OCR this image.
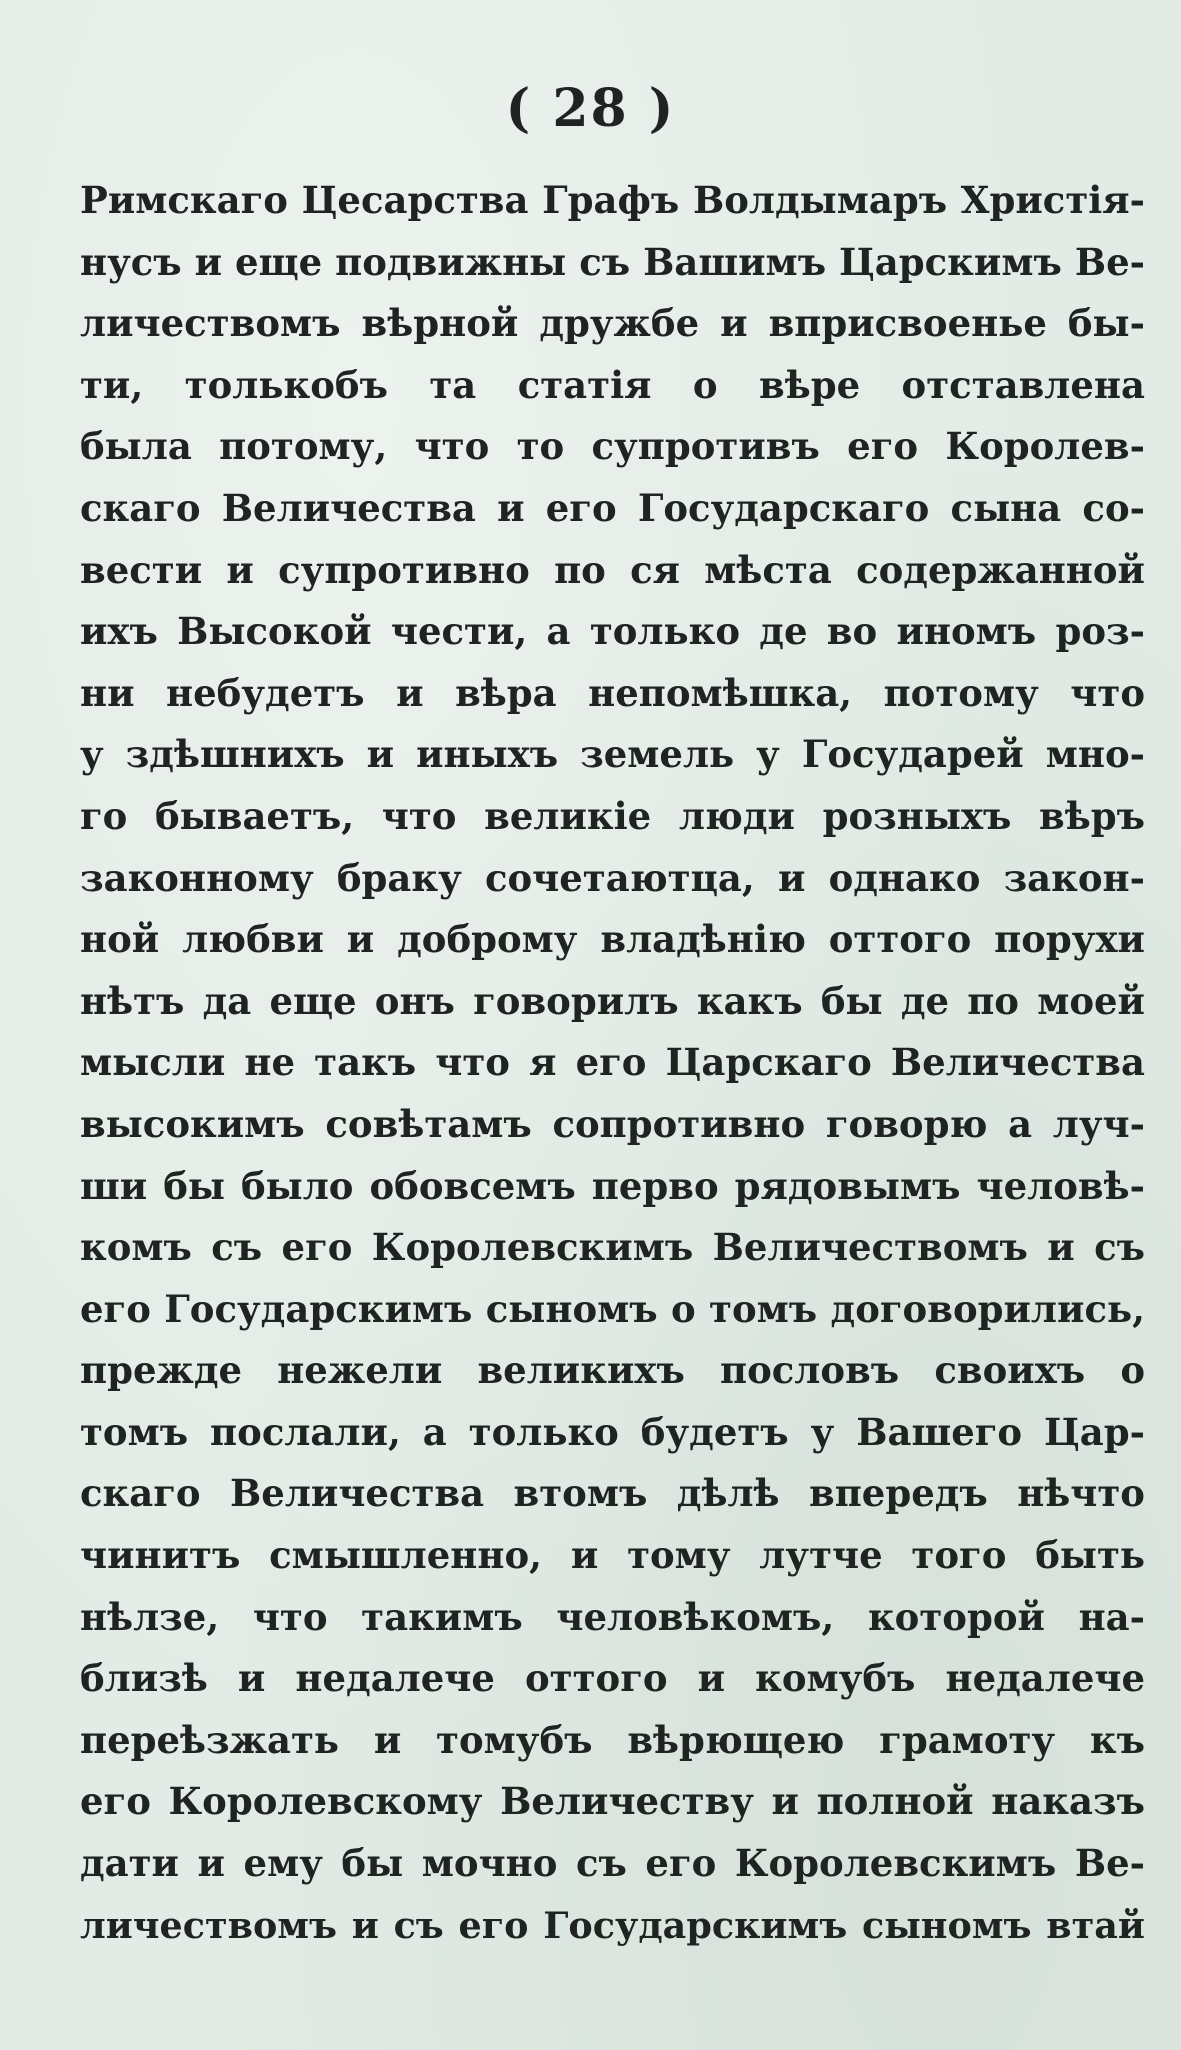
( 28 )
Римскаго Цесарства Графъ Волдымаръ Христія-
нусъ и еще подвижны съ Вашимъ Царскимъ Ве-
личествомъ вѣрной дружбе и вприсвоенье бы-
ти, толькобъ та статія о вѣре отставлена
была потому, что то супротивъ его Королев-
скаго Величества и его Государскаго сына со-
вести и супротивно по ся мѣста содержанной
ихъ Высокой чести, а только де во иномъ роз-
ни небудетъ и вѣра непомѣшка, потому что
у здѣшнихъ и иныхъ земель у Государей мно-
го бываетъ, что великіе люди розныхъ вѣръ
законному браку сочетаютца, и однако закон-
ной любви и доброму владѣнію оттого порухи
нѣтъ да еще онъ говорилъ какъ бы де по моей
мысли не такъ что я его Царскаго Величества
высокимъ совѣтамъ сопротивно говорю а луч-
ши бы было обовсемъ перво рядовымъ человѣ-
комъ съ его Королевскимъ Величествомъ и съ
его Государскимъ сыномъ о томъ договорились,
прежде нежели великихъ пословъ своихъ о
томъ послали, а только будетъ у Вашего Цар-
скаго Величества втомъ дѣлѣ впередъ нѣчто
чинитъ смышленно, и тому лутче того быть
нѣлзе, что такимъ человѣкомъ, которой на-
близѣ и недалече оттого и комубъ недалече
переѣзжать и томубъ вѣрющею грамоту къ
его Королевскому Величеству и полной наказъ
дати и ему бы мочно съ его Королевскимъ Ве-
личествомъ и съ его Государскимъ сыномъ втай
